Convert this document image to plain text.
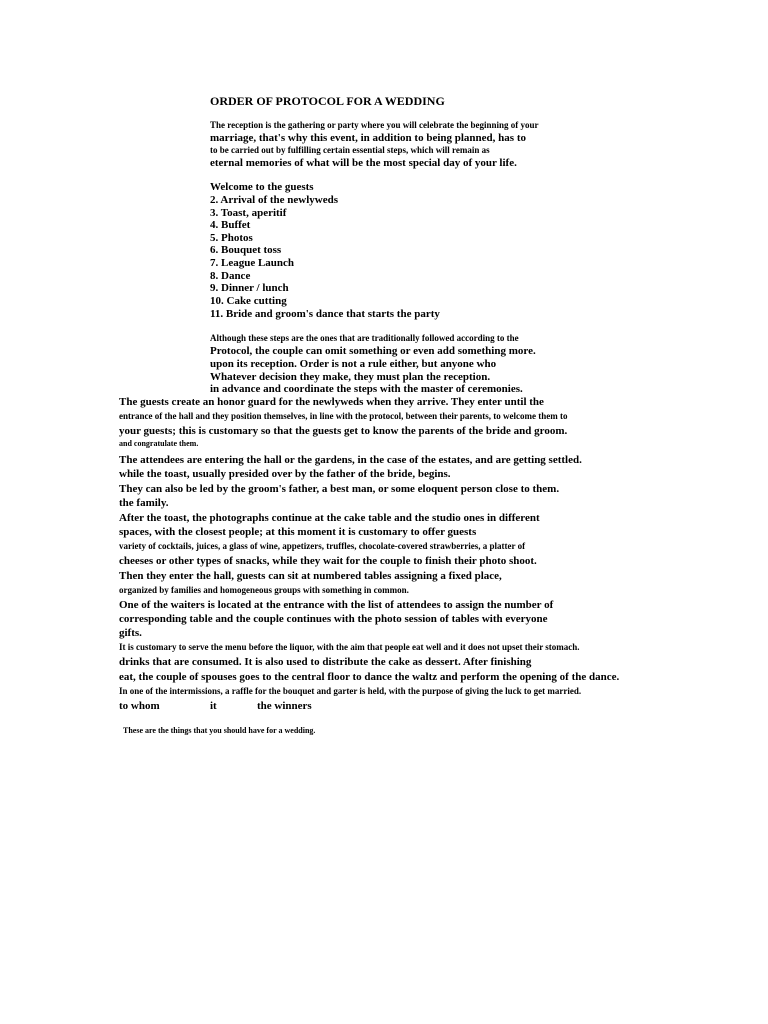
ORDER OF PROTOCOL FOR A WEDDING
The reception is the gathering or party where you will celebrate the beginning of your
marriage, that's why this event, in addition to being planned, has to
to be carried out by fulfilling certain essential steps, which will remain as
eternal memories of what will be the most special day of your life.
Welcome to the guests
2. Arrival of the newlyweds
3. Toast, aperitif
4. Buffet
5. Photos
6. Bouquet toss
7. League Launch
8. Dance
9. Dinner / lunch
10. Cake cutting
11. Bride and groom's dance that starts the party
Although these steps are the ones that are traditionally followed according to the
Protocol, the couple can omit something or even add something more.
upon its reception. Order is not a rule either, but anyone who
Whatever decision they make, they must plan the reception.
in advance and coordinate the steps with the master of ceremonies.
The guests create an honor guard for the newlyweds when they arrive. They enter until the
entrance of the hall and they position themselves, in line with the protocol, between their parents, to welcome them to
your guests; this is customary so that the guests get to know the parents of the bride and groom.
and congratulate them.
The attendees are entering the hall or the gardens, in the case of the estates, and are getting settled.
while the toast, usually presided over by the father of the bride, begins.
They can also be led by the groom's father, a best man, or some eloquent person close to them.
the family.
After the toast, the photographs continue at the cake table and the studio ones in different
spaces, with the closest people; at this moment it is customary to offer guests
variety of cocktails, juices, a glass of wine, appetizers, truffles, chocolate-covered strawberries, a platter of
cheeses or other types of snacks, while they wait for the couple to finish their photo shoot.
Then they enter the hall, guests can sit at numbered tables assigning a fixed place,
organized by families and homogeneous groups with something in common.
One of the waiters is located at the entrance with the list of attendees to assign the number of
corresponding table and the couple continues with the photo session of tables with everyone
gifts.
It is customary to serve the menu before the liquor, with the aim that people eat well and it does not upset their stomach.
drinks that are consumed. It is also used to distribute the cake as dessert. After finishing
eat, the couple of spouses goes to the central floor to dance the waltz and perform the opening of the dance.
In one of the intermissions, a raffle for the bouquet and garter is held, with the purpose of giving the luck to get married.
to whom	it	the winners
These are the things that you should have for a wedding.
